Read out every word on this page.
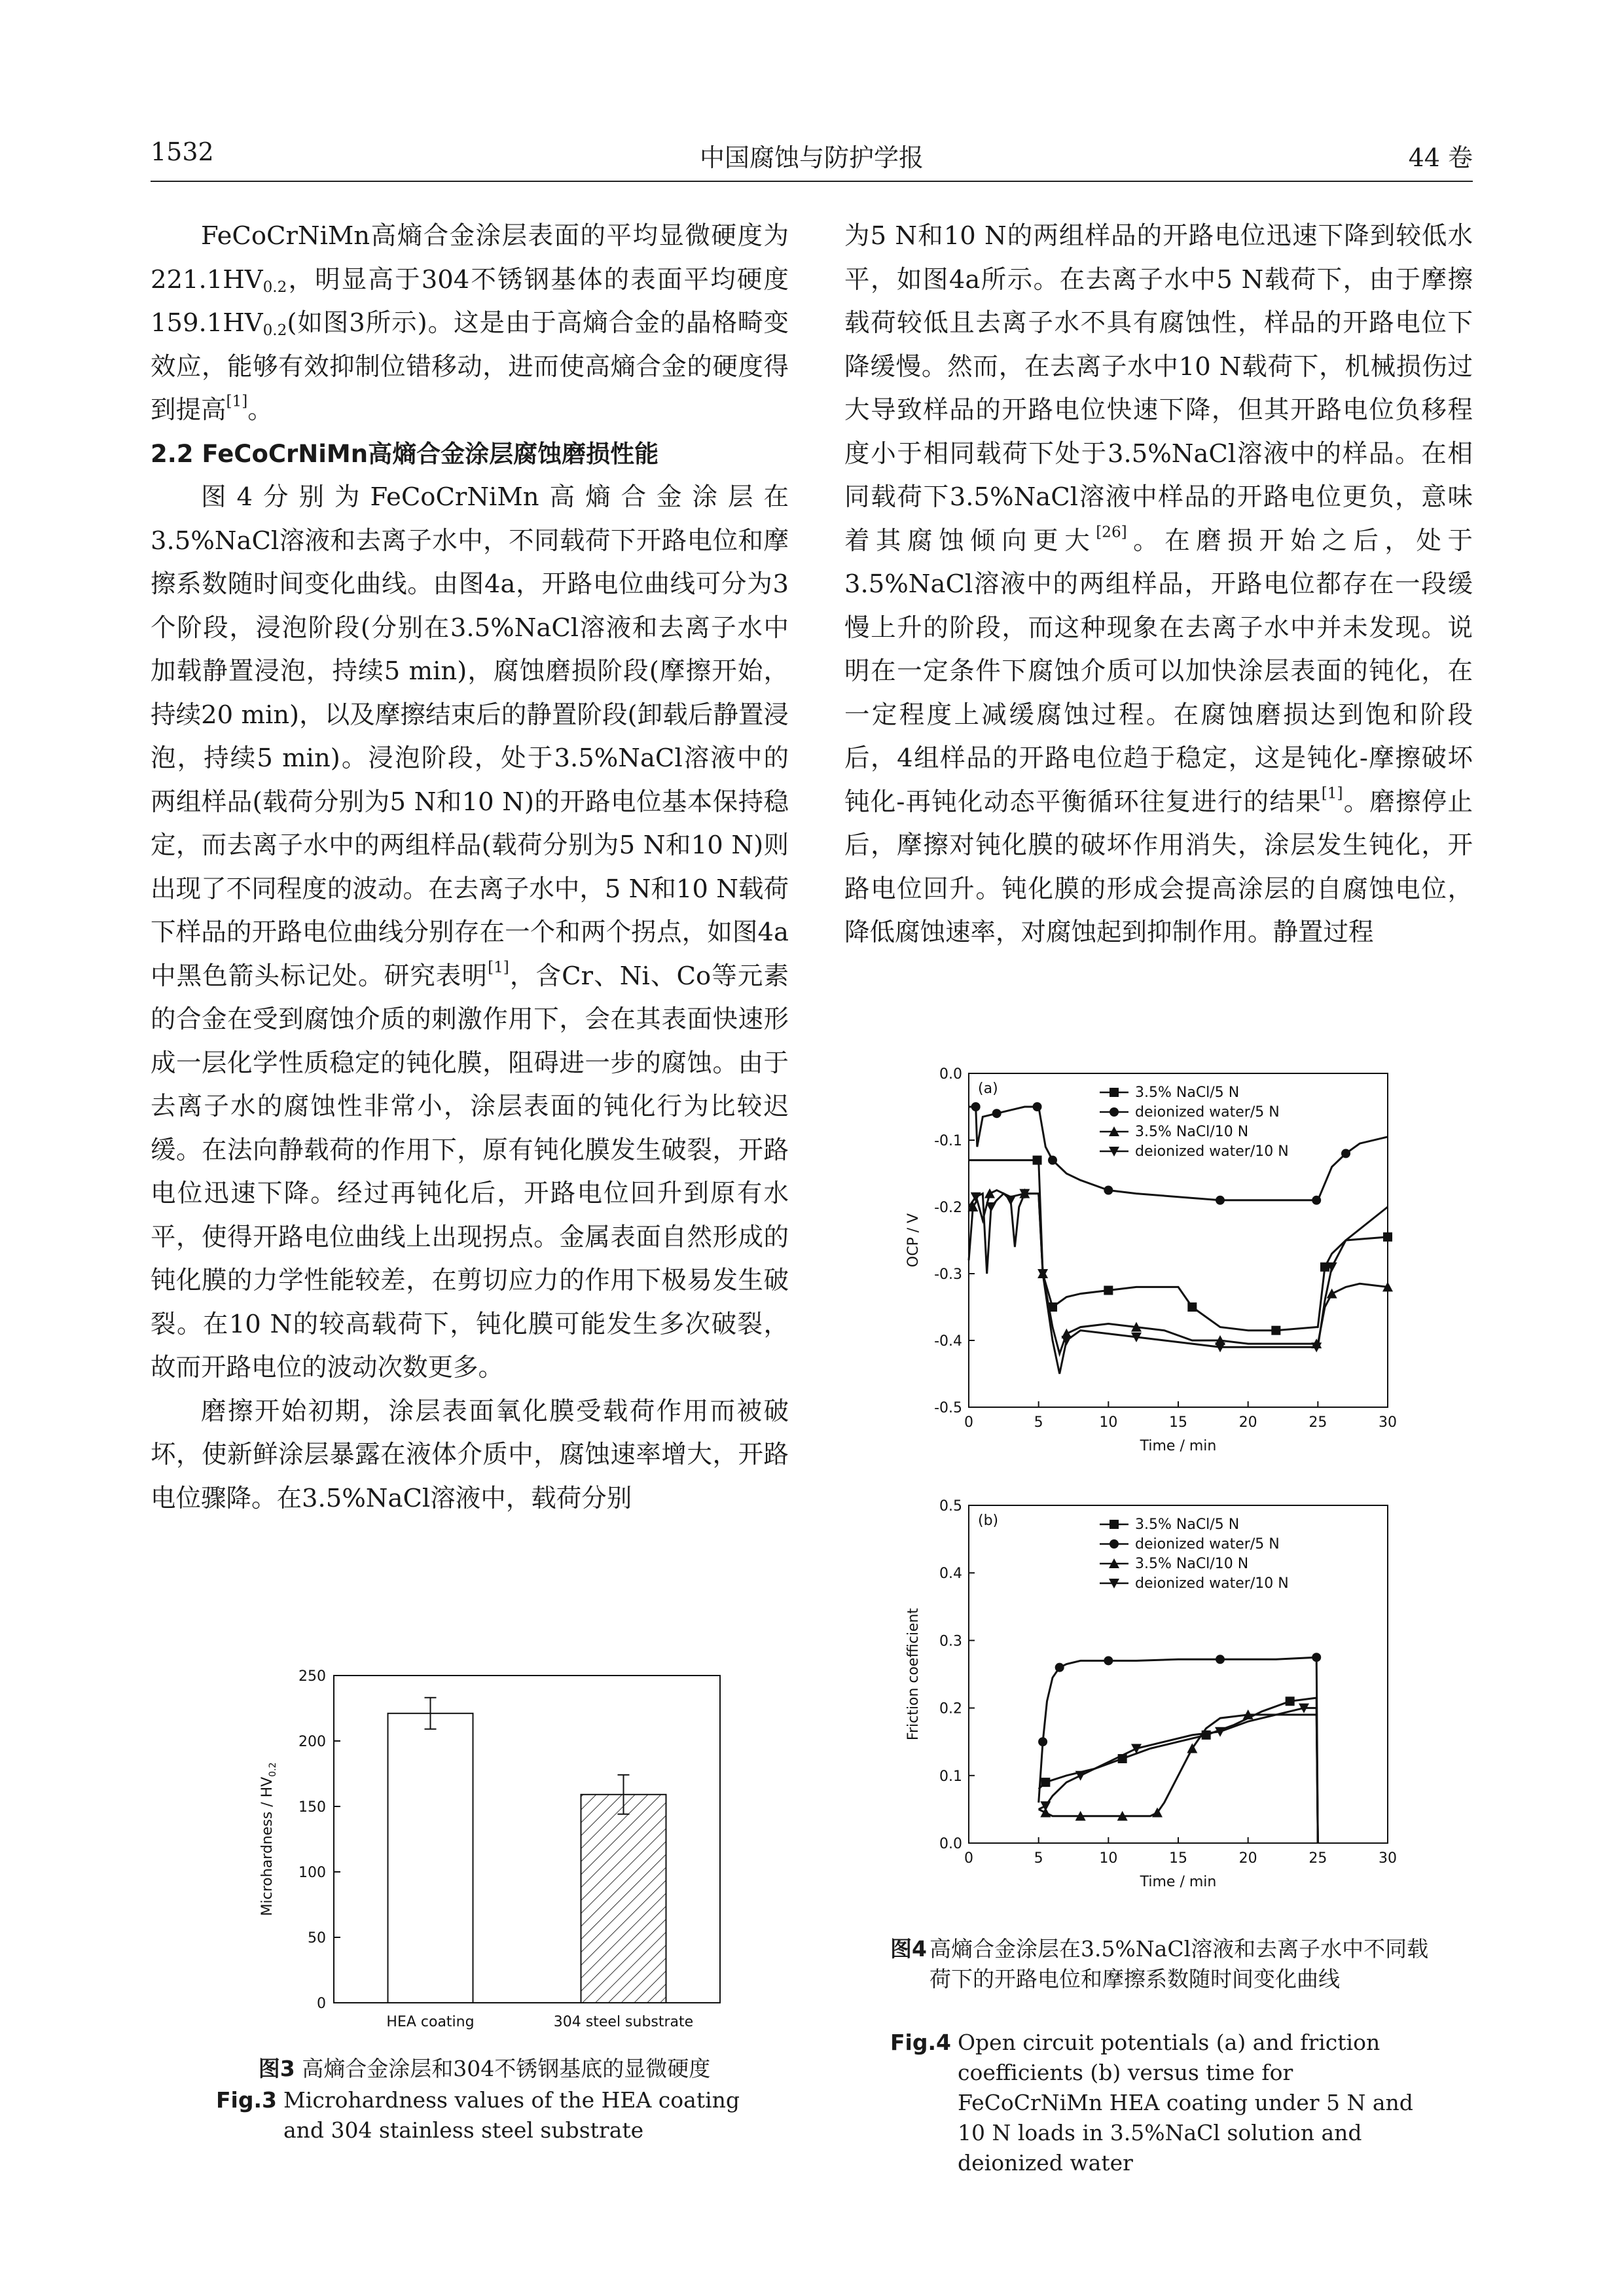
1532	中国腐蚀与防护学报	44 卷

FeCoCrNiMn高熵合金涂层表面的平均显微硬度为$221.1HV_{0.2}$，明显高于304不锈钢基体的表面平均硬度$159.1HV_{0.2}$(如图3所示)。这是由于高熵合金的晶格畸变效应，能够有效抑制位错移动，进而使高熵合金的硬度得到提高[1]。

2.2 FeCoCrNiMn高熵合金涂层腐蚀磨损性能

图4分别为FeCoCrNiMn高熵合金涂层在3.5%NaCl溶液和去离子水中，不同载荷下开路电位和摩擦系数随时间变化曲线。由图4a，开路电位曲线可分为3个阶段，浸泡阶段(分别在3.5%NaCl溶液和去离子水中加载静置浸泡，持续5 min)，腐蚀磨损阶段(摩擦开始，持续20 min)，以及摩擦结束后的静置阶段(卸载后静置浸泡，持续5 min)。浸泡阶段，处于3.5%NaCl溶液中的两组样品(载荷分别为5 N和10 N)的开路电位基本保持稳定，而去离子水中的两组样品(载荷分别为5 N和10 N)则出现了不同程度的波动。在去离子水中，5 N和10 N载荷下样品的开路电位曲线分别存在一个和两个拐点，如图4a中黑色箭头标记处。研究表明[1]，含Cr、Ni、Co等元素的合金在受到腐蚀介质的刺激作用下，会在其表面快速形成一层化学性质稳定的钝化膜，阻碍进一步的腐蚀。由于去离子水的腐蚀性非常小，涂层表面的钝化行为比较迟缓。在法向静载荷的作用下，原有钝化膜发生破裂，开路电位迅速下降。经过再钝化后，开路电位回升到原有水平，使得开路电位曲线上出现拐点。金属表面自然形成的钝化膜的力学性能较差，在剪切应力的作用下极易发生破裂。在10 N的较高载荷下，钝化膜可能发生多次破裂，故而开路电位的波动次数更多。

磨擦开始初期，涂层表面氧化膜受载荷作用而被破坏，使新鲜涂层暴露在液体介质中，腐蚀速率增大，开路电位骤降。在3.5%NaCl溶液中，载荷分别

为5 N和10 N的两组样品的开路电位迅速下降到较低水平，如图4a所示。在去离子水中5 N载荷下，由于摩擦载荷较低且去离子水不具有腐蚀性，样品的开路电位下降缓慢。然而，在去离子水中10 N载荷下，机械损伤过大导致样品的开路电位快速下降，但其开路电位负移程度小于相同载荷下处于3.5%NaCl溶液中的样品。在相同载荷下3.5%NaCl溶液中样品的开路电位更负，意味着其腐蚀倾向更大[26]。在磨损开始之后，处于3.5%NaCl溶液中的两组样品，开路电位都存在一段缓慢上升的阶段，而这种现象在去离子水中并未发现。说明在一定条件下腐蚀介质可以加快涂层表面的钝化，在一定程度上减缓腐蚀过程。在腐蚀磨损达到饱和阶段后，4组样品的开路电位趋于稳定，这是钝化-摩擦破坏钝化-再钝化动态平衡循环往复进行的结果[1]。磨擦停止后，摩擦对钝化膜的破坏作用消失，涂层发生钝化，开路电位回升。钝化膜的形成会提高涂层的自腐蚀电位，降低腐蚀速率，对腐蚀起到抑制作用。静置过程

0
50
100
150
200
250
HEA coating	304 steel substrate
Microhardness / $HV_{0.2}$
图3 高熵合金涂层和304不锈钢基底的显微硬度
Fig.3 Microhardness values of the HEA coating and 304 stainless steel substrate
0	5	10	15	20	25	30
0.0
-0.1
-0.2
-0.3
-0.4
-0.5
Time / min
OCP / V
(a)	3.5% NaCl/5 N
deionized water/5 N
3.5% NaCl/10 N
deionized water/10 N
0	5	10	15	20	25	30
0.0
0.1
0.2
0.3
0.4
0.5
Time / min
Friction coefficient
(b)	3.5% NaCl/5 N
deionized water/5 N
3.5% NaCl/10 N
deionized water/10 N
图4 高熵合金涂层在3.5%NaCl溶液和去离子水中不同载荷下的开路电位和摩擦系数随时间变化曲线
Fig.4 Open circuit potentials (a) and friction coefficients (b) versus time for FeCoCrNiMn HEA coating under 5 N and 10 N loads in 3.5%NaCl solution and deionized water
